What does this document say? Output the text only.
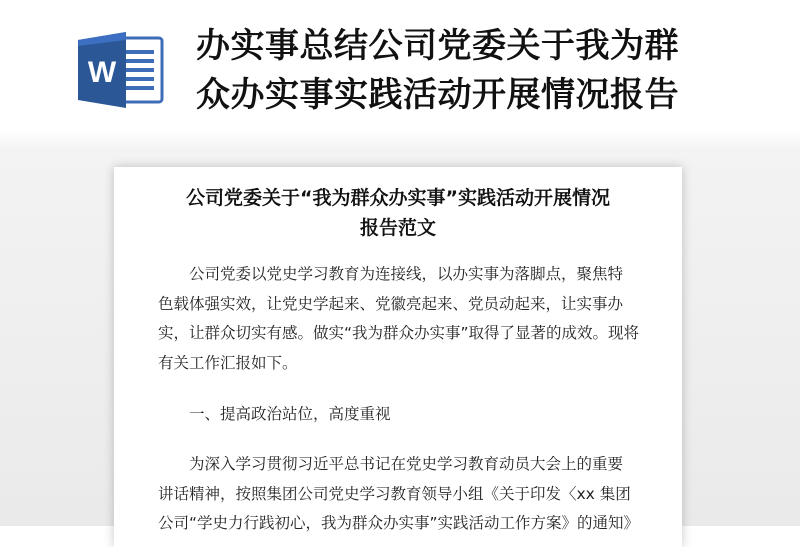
W
办实事总结公司党委关于我为群
众办实事实践活动开展情况报告
公司党委关于“我为群众办实事”实践活动开展情况
报告范文
公司党委以党史学习教育为连接线，以办实事为落脚点，聚焦特
色载体强实效，让党史学起来、党徽亮起来、党员动起来，让实事办
实，让群众切实有感。做实“我为群众办实事”取得了显著的成效。现将
有关工作汇报如下。
一、提高政治站位，高度重视
为深入学习贯彻习近平总书记在党史学习教育动员大会上的重要
讲话精神，按照集团公司党史学习教育领导小组《关于印发〈xx 集团
公司“学史力行践初心，我为群众办实事”实践活动工作方案》的通知》
